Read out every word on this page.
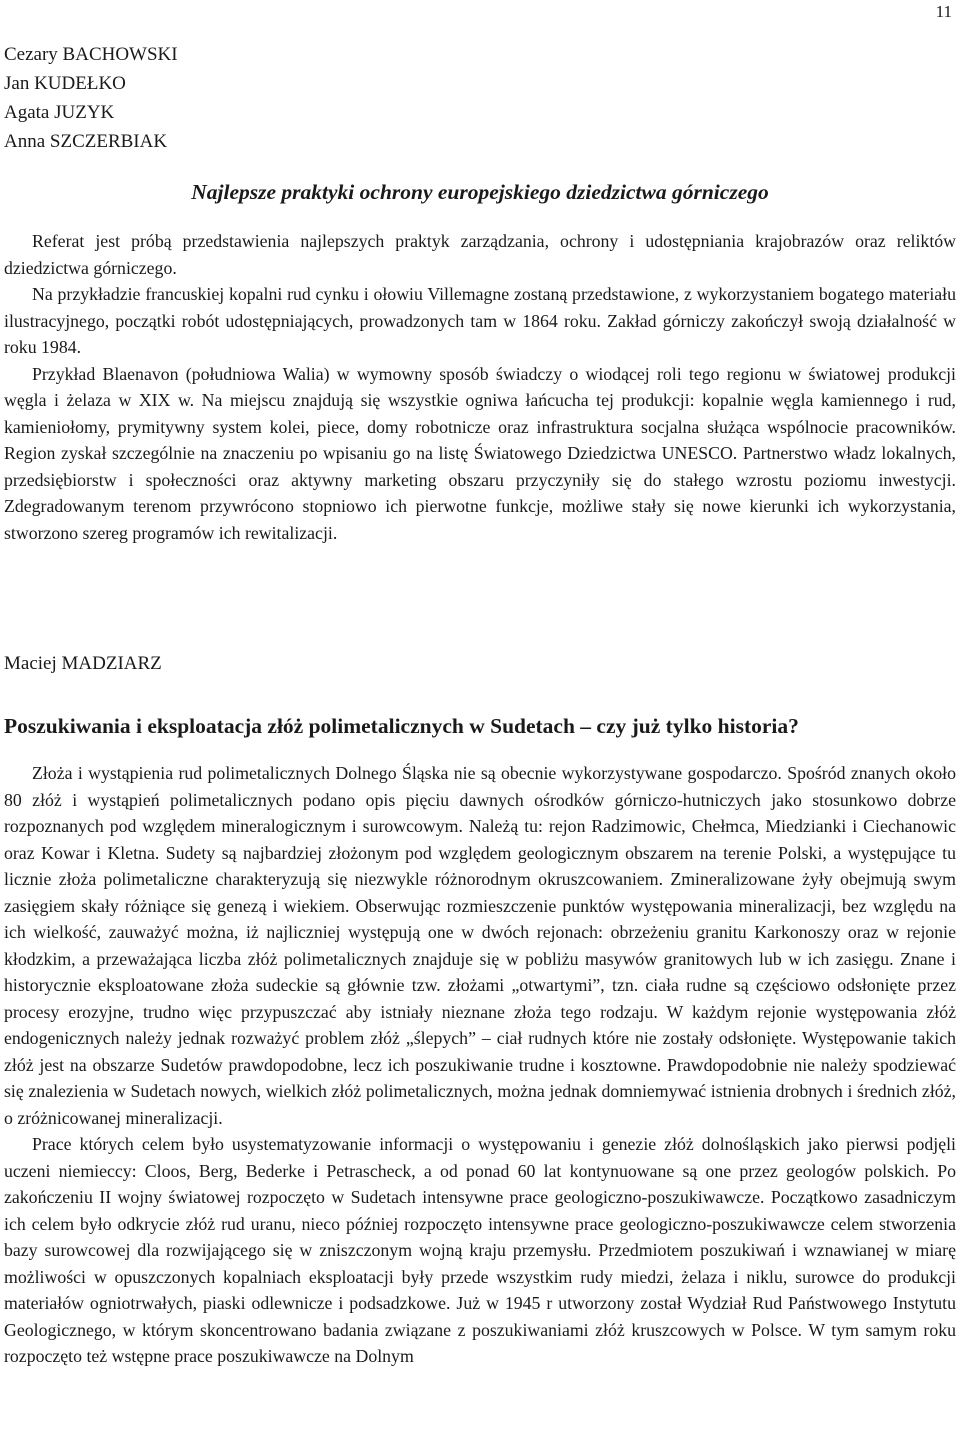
11
Cezary BACHOWSKI
Jan KUDEŁKO
Agata JUZYK
Anna SZCZERBIAK
Najlepsze praktyki ochrony europejskiego dziedzictwa górniczego

Referat jest próbą przedstawienia najlepszych praktyk zarządzania, ochrony i udostępniania krajobrazów oraz reliktów dziedzictwa górniczego.

Na przykładzie francuskiej kopalni rud cynku i ołowiu Villemagne zostaną przedstawione, z wykorzystaniem bogatego materiału ilustracyjnego, początki robót udostępniających, prowadzonych tam w 1864 roku. Zakład górniczy zakończył swoją działalność w roku 1984.

Przykład Blaenavon (południowa Walia) w wymowny sposób świadczy o wiodącej roli tego regionu w światowej produkcji węgla i żelaza w XIX w. Na miejscu znajdują się wszystkie ogniwa łańcucha tej produkcji: kopalnie węgla kamiennego i rud, kamieniołomy, prymitywny system kolei, piece, domy robotnicze oraz infrastruktura socjalna służąca wspólnocie pracowników. Region zyskał szczególnie na znaczeniu po wpisaniu go na listę Światowego Dziedzictwa UNESCO. Partnerstwo władz lokalnych, przedsiębiorstw i społeczności oraz aktywny marketing obszaru przyczyniły się do stałego wzrostu poziomu inwestycji. Zdegradowanym terenom przywrócono stopniowo ich pierwotne funkcje, możliwe stały się nowe kierunki ich wykorzystania, stworzono szereg programów ich rewitalizacji.

Maciej MADZIARZ
Poszukiwania i eksploatacja złóż polimetalicznych w Sudetach – czy już tylko historia?

Złoża i wystąpienia rud polimetalicznych Dolnego Śląska nie są obecnie wykorzystywane gospodarczo. Spośród znanych około 80 złóż i wystąpień polimetalicznych podano opis pięciu dawnych ośrodków górniczo-hutniczych jako stosunkowo dobrze rozpoznanych pod względem mineralogicznym i surowcowym. Należą tu: rejon Radzimowic, Chełmca, Miedzianki i Ciechanowic oraz Kowar i Kletna. Sudety są najbardziej złożonym pod względem geologicznym obszarem na terenie Polski, a występujące tu licznie złoża polimetaliczne charakteryzują się niezwykle różnorodnym okruszcowaniem. Zmineralizowane żyły obejmują swym zasięgiem skały różniące się genezą i wiekiem. Obserwując rozmieszczenie punktów występowania mineralizacji, bez względu na ich wielkość, zauważyć można, iż najliczniej występują one w dwóch rejonach: obrzeżeniu granitu Karkonoszy oraz w rejonie kłodzkim, a przeważająca liczba złóż polimetalicznych znajduje się w pobliżu masywów granitowych lub w ich zasięgu. Znane i historycznie eksploatowane złoża sudeckie są głównie tzw. złożami „otwartymi”, tzn. ciała rudne są częściowo odsłonięte przez procesy erozyjne, trudno więc przypuszczać aby istniały nieznane złoża tego rodzaju. W każdym rejonie występowania złóż endogenicznych należy jednak rozważyć problem złóż „ślepych” – ciał rudnych które nie zostały odsłonięte. Występowanie takich złóż jest na obszarze Sudetów prawdopodobne, lecz ich poszukiwanie trudne i kosztowne. Prawdopodobnie nie należy spodziewać się znalezienia w Sudetach nowych, wielkich złóż polimetalicznych, można jednak domniemywać istnienia drobnych i średnich złóż, o zróżnicowanej mineralizacji.

Prace których celem było usystematyzowanie informacji o występowaniu i genezie złóż dolnośląskich jako pierwsi podjęli uczeni niemieccy: Cloos, Berg, Bederke i Petrascheck, a od ponad 60 lat kontynuowane są one przez geologów polskich. Po zakończeniu II wojny światowej rozpoczęto w Sudetach intensywne prace geologiczno-poszukiwawcze. Początkowo zasadniczym ich celem było odkrycie złóż rud uranu, nieco później rozpoczęto intensywne prace geologiczno-poszukiwawcze celem stworzenia bazy surowcowej dla rozwijającego się w zniszczonym wojną kraju przemysłu. Przedmiotem poszukiwań i wznawianej w miarę możliwości w opuszczonych kopalniach eksploatacji były przede wszystkim rudy miedzi, żelaza i niklu, surowce do produkcji materiałów ogniotrwałych, piaski odlewnicze i podsadzkowe. Już w 1945 r utworzony został Wydział Rud Państwowego Instytutu Geologicznego, w którym skoncentrowano badania związane z poszukiwaniami złóż kruszcowych w Polsce. W tym samym roku rozpoczęto też wstępne prace poszukiwawcze na Dolnym
